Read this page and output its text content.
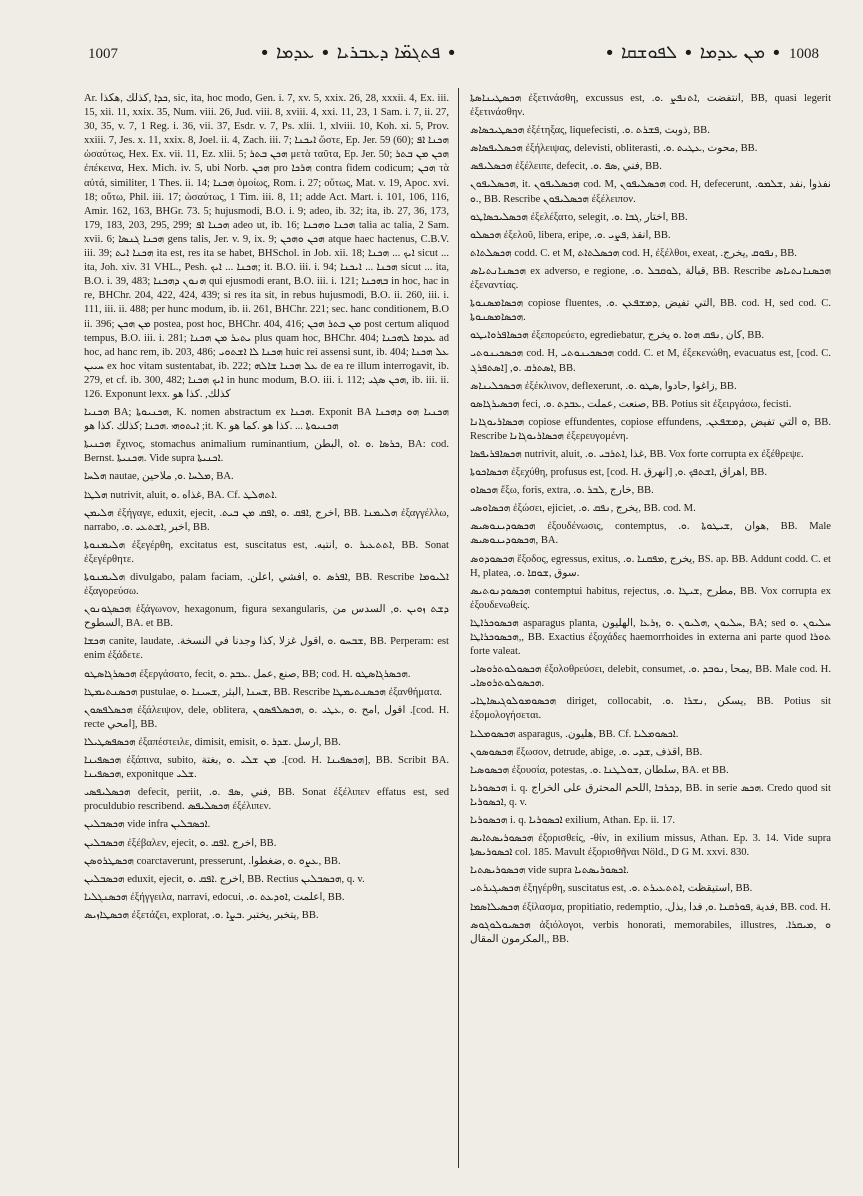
1007	∙ ܦܬܓܡ̈ܐ ܕܥܒܪܝܐ ∙ ܥܕܡܐ ∙	∙ ܡܢ ܥܕܡܐ ∙ ܠܦܘܫܩܐ ∙ 1008

Ar. ܟܕܐ ,كذلك ,هكذا, sic, ita, hoc modo, Gen. i. 7, xv. 5, xxix. 26, 28, xxxii. 4, Ex. iii. 15, xii. 11, xxix. 35, Num. viii. 26, Jud. viii. 8, xviii. 4, xxi. 11, 23, 1 Sam. i. 7, ii. 27, 30, 35, v. 7, 1 Reg. i. 36, vii. 37, Esdr. v. 7, Ps. xlii. 1, xlviii. 10, Koh. xi. 5, Prov. xxiii. 7, Jes. x. 11, xxix. 8, Joel. ii. 4, Zach. iii. 7; ܐܝܟܢܐ ὥστε, Ep. Jer. 59 (60); ܗܟܢܐ ܐܦ ὡσαύτως, Hex. Ex. vii. 11, Ez. xlii. 5; ܗܟܢ ܒܬܪ μετὰ ταῦτα, Ep. Jer. 50; ܗܟܢ ܡܢ ܒܬܪ ἐπέκεινα, Hex. Mich. iv. 5, ubi Norb. ܗܟܢ pro ܗܪܟܐ contra fidem codicum; ܗܟܢ τὰ αὐτά, similiter, 1 Thes. ii. 14; ܗܟܢܐ ὁμοίως, Rom. i. 27; οὕτως, Mat. v. 19, Apoc. xvi. 18; οὕτω, Phil. iii. 17; ὡσαύτως, 1 Tim. iii. 8, 11; adde Act. Mart. i. 101, 106, 116, Amir. 162, 163, BHGr. 73. 5; hujusmodi, B.O. i. 9; adeo, ib. 32; ita, ib. 27, 36, 173, 179, 183, 203, 295, 299; ܗܟܢܐ ܐܦ adeo ut, ib. 16; ܗܟܢܐ ܘܗܟܢܐ talia ac talia, 2 Sam. xvii. 6; ܗܟܢܐ ܓܢܣܐ gens talis, Jer. v. 9, ix. 9; ܗܟܢ ܘܗܟܢ atque haec hactenus, C.B.V. iii. 39; ܗܟܢܐ ܐܝܬ ita est, res ita se habet, BHSchol. in Job. xii. 18; ܐܝܟ ... ܗܟܢܐ sicut ... ita, Joh. xiv. 31 VHL., Pesh. ܗܟܢܐ ... ܐܝܟ; it. B.O. iii. i. 94; ܗܟܢܐ ... ܐܝܟܢܐ sicut ... ita, B.O. i. 39, 483; ܗܢܘܢ ܕܗܟܢܐ qui ejusmodi erant, B.O. iii. i. 121; ܒܗܟܢܐ in hoc, hac in re, BHChr. 204, 422, 424, 439; si res ita sit, in rebus hujusmodi, B.O. ii. 260, iii. i. 111, iii. ii. 488; per hunc modum, ib. ii. 261, BHChr. 221; sec. hanc conditionem, B.O ii. 396; ܡܢ ܗܟܢ postea, post hoc, BHChr. 404, 416; ܡܢ ܒܬܪ ܗܟܢ post certum aliquod tempus, B.O. iii. i. 281; ܝܬܝܪ ܡܢ ܗܟܢܐ plus quam hoc, BHChr. 404; ܥܕܡܐ ܠܗܟܢܐ ad hoc, ad hanc rem, ib. 203, 486; ܗܟܢܐ ܠܐ ܐܫܬܘܝ huic rei assensi sunt, ib. 404; ܥܠ ܗܟܢܐ ܚܝܝܢ ex hoc vitam sustentabat, ib. 222; ܥܠ ܗܟܢܐ ܫܐܠܗ de ea re illum interrogavit, ib. 279, et cf. ib. 300, 482; ܐܝܟ ܗܟܢܐ in hunc modum, B.O. iii. i. 112; ܗܟܢ ܣܓܝ, ib. iii. ii. 126. Exponunt lexx. كذلك, .كذا هو

ܗܟܢܝܐ BA; ܗܟܢܝܘܬܐ, K. nomen abstractum ex ܗܟܢܐ. Exponit BA ܗܟܢܝܐ ܗܘ ܕܗܟܢܐ ܐܝܬܘܗܝ .ܗܟܢܐ ;كذلك .كذا هو ;it. K. ܗܟܢܝܘܬܐ ... .كذا هو .كما هو

ܗܟܢܝܬܐ ἔχινος, stomachus animalium ruminantium, ܟܪܣܐ .ܘ .ܐܘ ,البطن, BA: cod. Bernst. ܗܟܢܝܬܐ. Vide supra ܐܟܢܝܬܐ.

ܗܠܚܐ nautae, ܡܠܚܐ .ܘ, ملاحين, BA.

ܗܠܛܐ nutrivit, aluit, غذاه .ܘ, BA. Cf. ܐܬܗܠܛ.

ܗܠܝܡܢ ἐξήγαγε, eduxit, ejecit, .اخرج ,ܐܦܩ .ܘ ,ܐܦܩ ܡܢ ܒܝܬ, BB. ܗܠܝܡܢܐ ἐξαγγέλλω, narrabo, .اخبر ,ܐܫܬܥܝ .ܘ, BB.

ܗܠܝܡܢܘܬܐ ἐξεγέρθη, excitatus est, suscitatus est, .ܐܬܬܥܝܪ .ܘ ,انتبه, BB. Sonat ἐξεγέρθητε.

ܗܠܝܡܢܘܬܐ divulgabo, palam faciam, .ܐܦܪܣ .ܘ ,افشي ,اعلن, BB. Rescribe ܐܠܝܘܡܐ ἐξαγορεύσω.

ܗܟܣܓܘܢܘܢ ἑξάγωνον, hexagonum, figura sexangularis, ܕܫܬ ܙܘܝܢ .ܘ, السدس من السطوح, BA. et BB.

ܗܟܫܐ canite, laudate, .ܫܒܚܘ .ܘ ,اقول غزلا ,كذا وجدنا في النسخة, BB. Perperam: est enim ἐξάδετε.

ܗܟܣܪܓܐܣܛܘ ἐξεργάσατο, fecit, صنع ,عمل .ܥܒܕ .ܘ, BB; cod. H. ܗܟܣܪܓܐܣܛܘ.

ܗܟܣܢܬܝܡܛܐ pustulae, ܫܚܢܐ ,البثر ,ܫܚܝܢܐ .ܘ, BB. Rescribe ܗܟܣܢܬܝܡܛܐ ἐξανθήματα.

ܗܟܣܠܦܣܘܢ ἐξάλειψον, dele, oblitera, اقول ,امح .ܘ ,ܥܛܝ .ܘ ,ܗܟܣܠܦܣܘܢ .[cod. H. recte امحي], BB.

ܗܟܣܦܣܛܝܠܐ ἐξαπέστειλε, dimisit, emisit, ارسل .ܫܕܪ .ܘ, BB.

ܗܟܣܦܝܢܐ ἐξάπινα, subito, ܡܢ ܫܠܝ .ܘ ,بغتة .[cod. H. ܗܟܣܦܝܢܐ], BB. Scribit BA. ܗܟܣܦܝܢܐ, exponitque ܫܠܝ.

ܗܟܣܠܝܦܣܝ defecit, periit, .فني ,ܣܦ .ܘ, BB. Sonat ἐξέλιπεν effatus est, sed proculdubio rescribend. ܗܟܣܠܝܦܣ ἐξέλιπεν.

ܗܟܣܒܠܝܢ vide infra ܐܟܣܒܠܝܢ.

ܗܟܣܒܠܝܢ ἐξέβαλεν, ejecit, اخرج .ܐܦܩ .ܘ, BB.

ܗܟܣܛܪܘܣܢ coarctaverunt, presserunt, .ܥܨܘ .ܘ ,ضغطوا, BB.

ܗܟܣܒܠܝܢ eduxit, ejecit, اخرج .ܐܦܩ .ܘ, BB. Rectius ܗܟܣܒܠܝܢ, q. v.

ܗܟܣܢܓܠܝܐ ἐξήγγειλα, narravi, edocui, .اعلمت ,ܐܘܕܥܬ .ܘ, BB.

ܗܟܣܛܐܙܝܣ ἐξετάζει, explorat, .يتخبر ,يختبر .ܒܨܐ .ܘ, BB.

ܗܟܣܛܝܢܐܣܬܐ ἐξετινάσθη, excussus est, .انتفضت ,ܐܬܢܦܨ .ܘ, BB, quasi legerit ἐξετινάσθην.

ܗܟܣܛܝܟܣܐܣ ἐξέτηξας, liquefecisti, .ذوبت ,ܦܫܪܬ .ܘ, BB.

ܗܟܣܠܝܦܣܐܣ ἐξήλειψας, delevisti, obliterasti, .محوت ,ܥܛܝܬ .ܘ, BB.

ܗܟܣܠܝܦܣ ἐξέλειπε, defecit, .فني ,ܣܦ .ܘ, BB.

ܗܟܣܠܝܦܘܢ, it. ܗܟܣܠܝܦܘܢ cod. M, ܗܟܣܠܝܦܘܢ cod. H, defecerunt, .نفذوا ,نفد ,ܫܠܡܘ .ܘ, BB. Rescribe ܗܟܣܠܝܦܘܢ ἐξέλειπον.

ܗܟܣܠܝܟܣܐܛܘ ἐξελέξατο, selegit, .اختار ,ܓܒܐ .ܘ, BB.

ܗܟܣܠܘ ἐξελοῦ, libera, eripe, .انقذ ,ܦܨܝ .ܘ, BB.

ܗܟܣܠܬܐܬ codd. C. et M, ܗܟܣܠܬܐܬ cod. H, ἐξέλθοι, exeat, .ܢܦܘܩ ,يخرج, BB.

ܗܟܣܢܐܢܬܝܐܣ ex adverso, e regione, .قبالة ,ܠܘܩܒܠ .ܘ, BB. Rescribe ܗܟܣܢܐܢܬܝܐܣ ἐξεναντίας.

ܗܟܣܐܡܣܢܘܬܐ copiose fluentes, .التي تفيض ,ܕܡܫܦܥܢ .ܘ, BB. cod. H, sed cod. C. ܗܟܣܐܡܣܢܘܬܐ.

ܗܟܣܐܦܪܘܐܝܛܘ ἐξεπορεύετο, egrediebatur, كان ,ܢܦܩ ܗܘܐ .ܘ يخرج, BB.

ܗܟܣܟܝܢܘܬܝ cod. H, ܗܟܣܟܝܢܘܬܝ codd. C. et M, ἐξεκενώθη, evacuatus est, [cod. C. ܐܣܬܦܪܓ] ,ܐܣܬܪܩ .ܘ, BB.

ܗܟܣܟܠܝܢܐܣ ἐξέκλινον, deflexerunt, .زاغوا ,حادوا ,ܣܛܘ .ܘ, BB.

ܗܟܣܝܪܓܐܣܘ feci, .صنعت ,عملت ,ܥܒܕܬ .ܘ, BB. Potius sit ἐξειργάσω, fecisti.

ܗܟܣܐܪܝܘܓܐܢܐ copiose effundentes, copiose effundens, .ܘ التي تفيض ,ܕܡܫܦܥܢ, BB. Rescribe ܗܟܣܐܪܝܘܓܐܢܐ ἐξερευγομένη.

ܗܟܣܐܦܪܝܦܣܐ nutrivit, aluit, .غذا ,ܐܬܪܒܝ .ܘ, BB. Vox forte corrupta ex ἐξέθρεψε.

ܗܟܣܐܟܘܬܐ ἐξεχύθη, profusus est, [cod. H. انهرق] ,اهراق ,ܐܫܬܦܟ .ܘ, BB.

ܗܟܣܐܘ ἔξω, foris, extra, .خارج ,ܠܒܪ .ܘ, BB.

ܗܟܣܐܘܣܝ ἐξώσει, ejiciet, .يخرج ,ܢܦܩ .ܘ, BB. cod. M.

ܗܟܣܘܕܝܢܘܣܝܣ ἐξουδένωσις, contemptus, .هوان ,ܫܝܛܘܬܐ .ܘ, BB. Male ܗܟܣܘܕܝܢܘܣܝܣ, BA.

ܗܟܣܘܕܘܣ ἔξοδος, egressus, exitus, .يخرج ,ܡܦܩܢܐ .ܘ, BS. ap. BB. Addunt codd. C. et H, platea, .سوق ,ܫܘܩܐ .ܘ.

ܗܟܣܘܕܢܘܬܝܣ contemptui habitus, rejectus, .مطرح ,ܫܝܛܐ .ܘ, BB. Vox corrupta ex ἐξουδενωθείς.

ܗܟܣܘܟܪܐܛܐ asparagus planta, ܚܠܝܘܢ ,ܗܠܝܘܢ .ܘ ,ܙܪܥܐ ,الهليون, BA; sed ܚܠܝܘܢ .ܘ ,ܗܟܣܘܟܪܐܛܐ, BB. Exactius ἐξοχάδες haemorrhoides in externa ani parte quod ܬܘܪܐ forte valeat.

ܗܟܣܘܠܘܬܪܘܣܐܝ ἐξολοθρεύσει, delebit, consumet, .يمحا ,ܢܘܒܕ .ܘ, BB. Male cod. H. ܗܟܣܘܠܘܬܪܘܣܐܝ.

ܗܟܣܘܡܘܠܘܓܝܣܐܛܐܝ diriget, collocabit, .يسكن ,ܢܫܪܐ .ܘ, BB. Potius sit ἐξομολογήσεται.

ܗܟܣܘܡܠܝܐ asparagus, .هليون, BB. Cf. ܐܟܣܘܡܠܝܐ.

ܗܟܣܘܣܘܢ ἔξωσον, detrude, abige, .اقذف ,ܫܕܝ .ܘ, BB.

ܗܟܣܘܣܝܐ ἐξουσία, potestas, .سلطان ,ܫܘܠܛܢܐ .ܘ, BA. et BB.

ܗܟܣܘܪܝܐ i. q. ܕܟܪܒܐ ,اللحم المحترق على الخراج, BB. in serie ܗܟܣ. Credo quod sit ܐܟܣܘܪܝܐ, q. v.

ܗܟܣܘܪܝܐ i. q. ܐܟܣܘܪܝܐ exilium, Athan. Ep. ii. 17.

ܗܟܣܘܪܝܣܬܐܝܣ ἐξορισθείς, -θίν, in exilium missus, Athan. Ep. 3. 14. Vide supra ܐܟܣܘܪܝܣܬܐ col. 185. Mavult ἐξορισθῆναι Nöld., D G M. xxvi. 830.

ܗܟܣܘܪܝܣܬܝܐ vide supra ܐܟܣܘܪܝܣܬܝܐ.

ܗܟܣܝܓܝܪܬܝ ἐξηγέρθη, suscitatus est, .استيقظت ,ܐܬܬܥܝܪܬ .ܘ, BB.

ܗܟܣܝܠܐܣܡܐ ἐξίλασμα, propitiatio, redemptio, .فدية ,ܦܘܪܩܢܐ .ܘ, فدا ,بذل, BB. cod. H.

ܗܟܣܝܘܠܘܓܘܣ ἀξιόλογοι, verbis honorati, memorabiles, illustres, .ܘ ,ܡܝܩܪܐ ,المكرمون المقال, BB.
